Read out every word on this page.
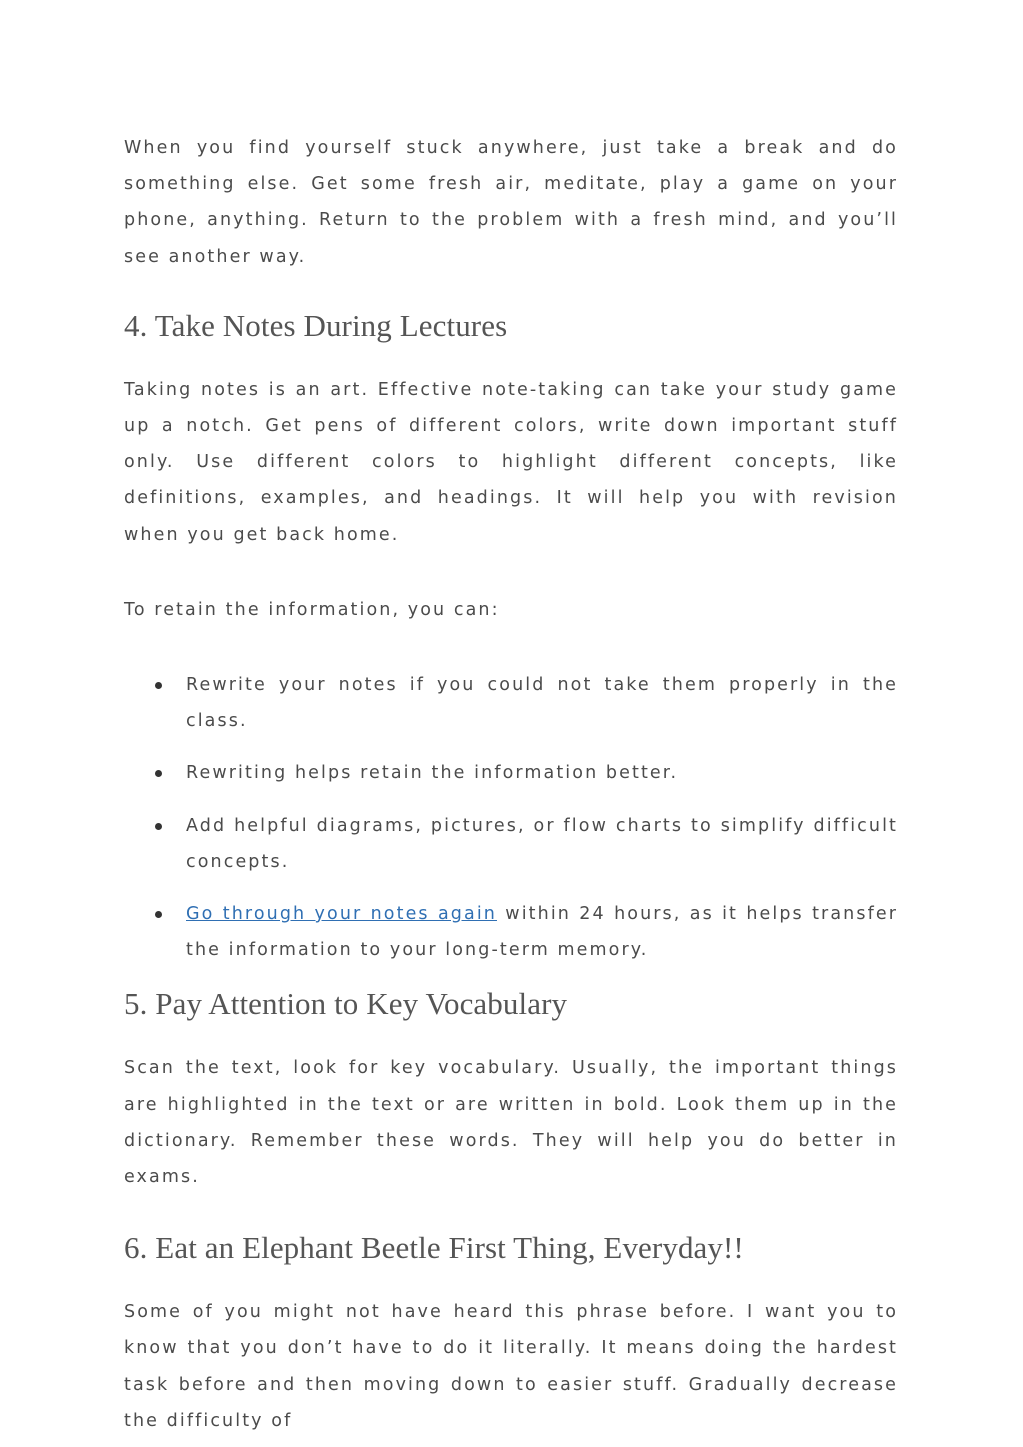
When you find yourself stuck anywhere, just take a break and do something else. Get some fresh air, meditate, play a game on your phone, anything. Return to the problem with a fresh mind, and you’ll see another way.

4. Take Notes During Lectures

Taking notes is an art. Effective note-taking can take your study game up a notch. Get pens of different colors, write down important stuff only. Use different colors to highlight different concepts, like definitions, examples, and headings. It will help you with revision when you get back home.

To retain the information, you can:

Rewrite your notes if you could not take them properly in the class.
Rewriting helps retain the information better.
Add helpful diagrams, pictures, or flow charts to simplify difficult concepts.
Go through your notes again within 24 hours, as it helps transfer the information to your long-term memory.
5. Pay Attention to Key Vocabulary

Scan the text, look for key vocabulary. Usually, the important things are highlighted in the text or are written in bold. Look them up in the dictionary. Remember these words. They will help you do better in exams.

6. Eat an Elephant Beetle First Thing, Everyday!!

Some of you might not have heard this phrase before. I want you to know that you don’t have to do it literally. It means doing the hardest task before and then moving down to easier stuff. Gradually decrease the difficulty of
